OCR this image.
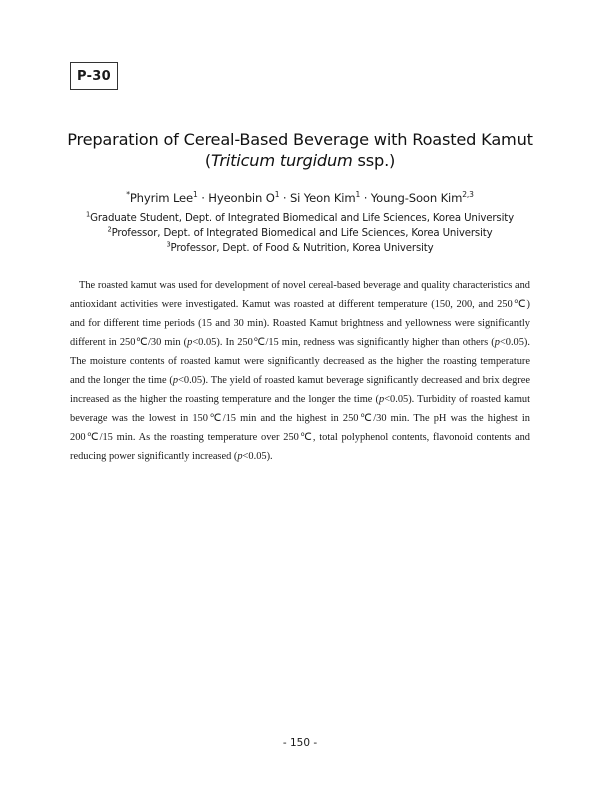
P-30
Preparation of Cereal-Based Beverage with Roasted Kamut
(Triticum turgidum ssp.)
*Phyrim Lee$^1$ · Hyeonbin $O^1 \cdot Si$ Yeon Kim$^1$ · Young-Soon Kim$^{2,3}$
$^1$Graduate Student, Dept. of Integrated Biomedical and Life Sciences, Korea University
$^2$Professor, Dept. of Integrated Biomedical and Life Sciences, Korea University
$^3$Professor, Dept. of Food & Nutrition, Korea University
The roasted kamut was used for development of novel cereal-based beverage and quality characteristics and antioxidant activities were investigated. Kamut was roasted at different temperature (150, 200, and 250℃) and for different time periods (15 and 30 min). Roasted Kamut brightness and yellowness were significantly different in 250℃/30 min (p<0.05). In 250℃/15 min, redness was significantly higher than others (p<0.05). The moisture contents of roasted kamut were significantly decreased as the higher the roasting temperature and the longer the time (p<0.05). The yield of roasted kamut beverage significantly decreased and brix degree increased as the higher the roasting temperature and the longer the time (p<0.05). Turbidity of roasted kamut beverage was the lowest in 150℃/15 min and the highest in 250℃/30 min. The pH was the highest in 200℃/15 min. As the roasting temperature over 250℃, total polyphenol contents, flavonoid contents and reducing power significantly increased (p<0.05).
- 150 -
